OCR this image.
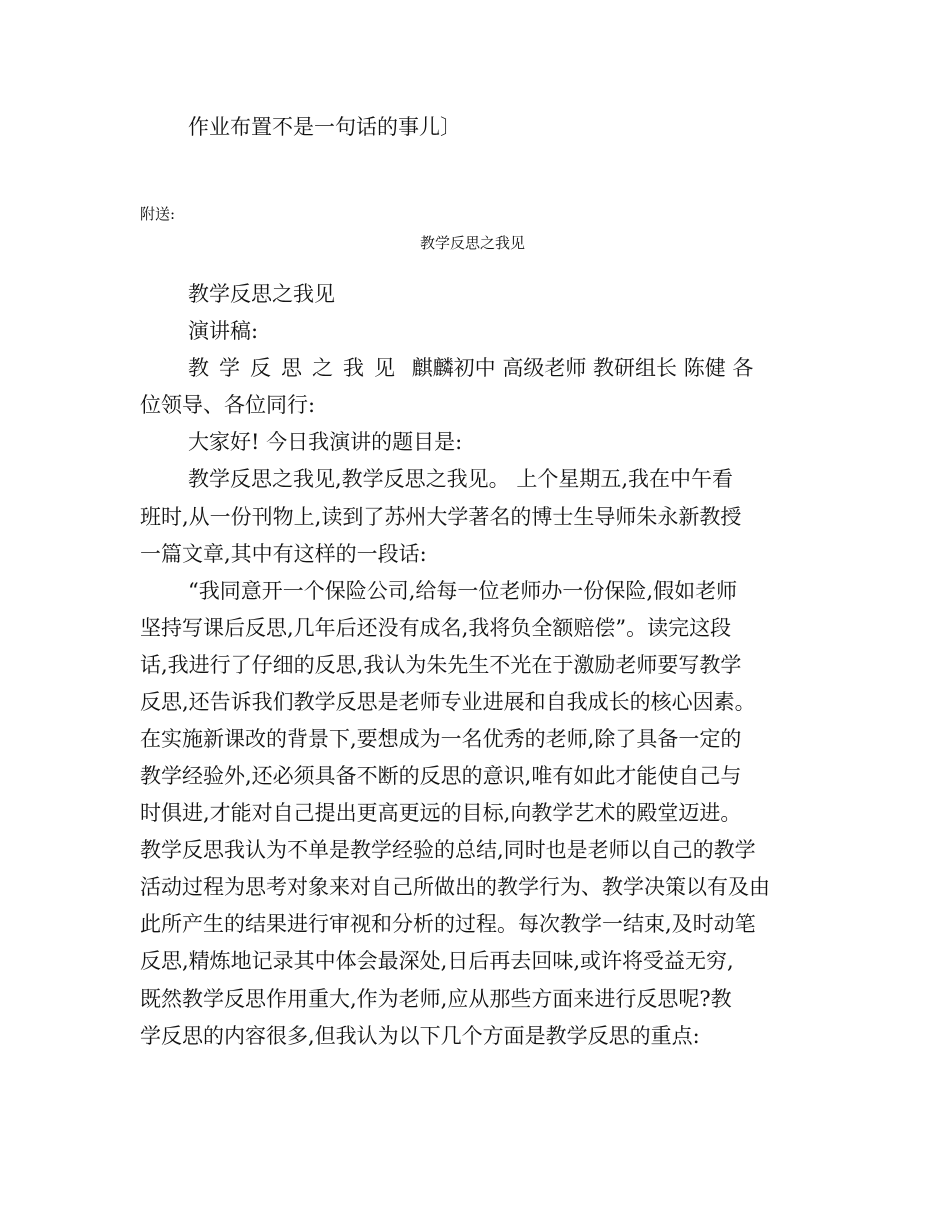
作业布置不是一句话的事儿〕

附送:

教学反思之我见

教学反思之我见

演讲稿:

教学反思之我见 麒麟初中 高级老师 教研组长 陈健 各

位领导、各位同行:

大家好! 今日我演讲的题目是:

教学反思之我见,教学反思之我见。 上个星期五,我在中午看

班时,从一份刊物上,读到了苏州大学著名的博士生导师朱永新教授

一篇文章,其中有这样的一段话:

“我同意开一个保险公司,给每一位老师办一份保险,假如老师

坚持写课后反思,几年后还没有成名,我将负全额赔偿”。读完这段

话,我进行了仔细的反思,我认为朱先生不光在于激励老师要写教学

反思,还告诉我们教学反思是老师专业进展和自我成长的核心因素。

在实施新课改的背景下,要想成为一名优秀的老师,除了具备一定的

教学经验外,还必须具备不断的反思的意识,唯有如此才能使自己与

时俱进,才能对自己提出更高更远的目标,向教学艺术的殿堂迈进。

教学反思我认为不单是教学经验的总结,同时也是老师以自己的教学

活动过程为思考对象来对自己所做出的教学行为、教学决策以有及由

此所产生的结果进行审视和分析的过程。每次教学一结束,及时动笔

反思,精炼地记录其中体会最深处,日后再去回味,或许将受益无穷,

既然教学反思作用重大,作为老师,应从那些方面来进行反思呢?教

学反思的内容很多,但我认为以下几个方面是教学反思的重点:
